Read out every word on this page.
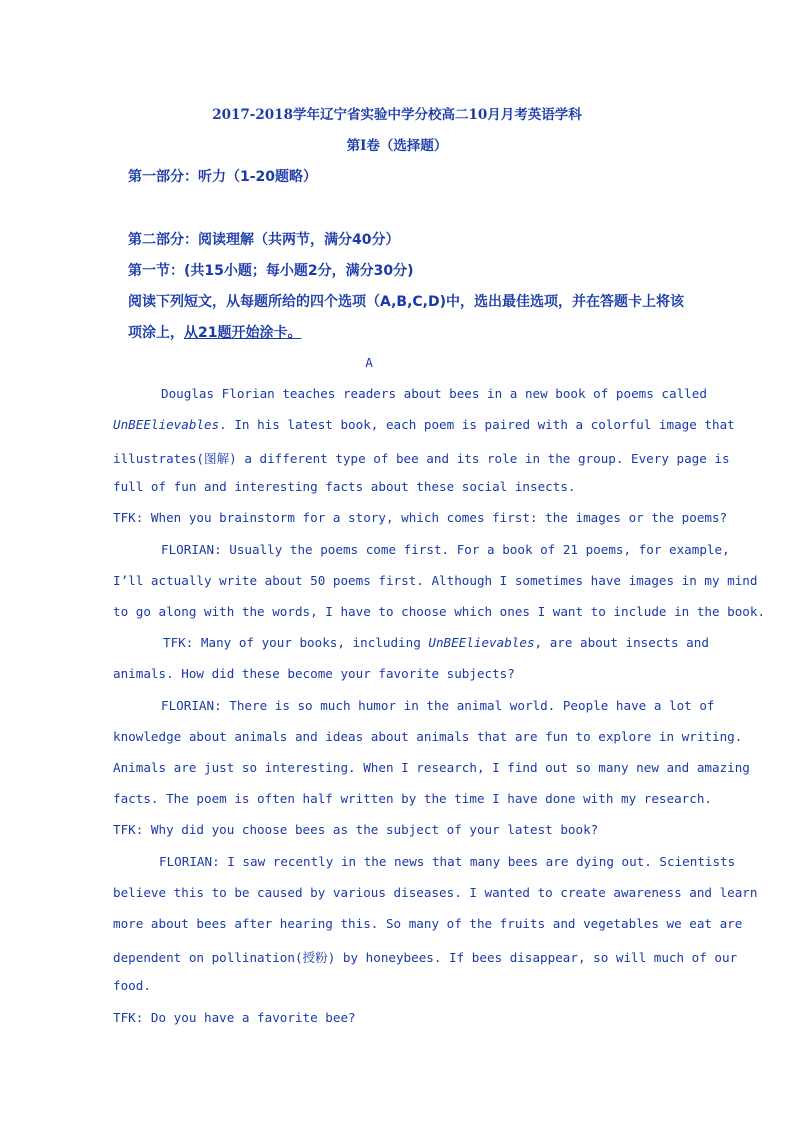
2017-2018学年辽宁省实验中学分校高二10月月考英语学科
第I卷（选择题）
第一部分：听力（1-20题略）
第二部分：阅读理解（共两节，满分40分）
第一节：(共15小题；每小题2分，满分30分)
阅读下列短文，从每题所给的四个选项（A,B,C,D)中，选出最佳选项，并在答题卡上将该
项涂上，从21题开始涂卡。
A
Douglas Florian teaches readers about bees in a new book of poems called
UnBEElievables. In his latest book, each poem is paired with a colorful image that
illustrates(图解) a different type of bee and its role in the group. Every page is
full of fun and interesting facts about these social insects.
TFK: When you brainstorm for a story, which comes first: the images or the poems?
FLORIAN: Usually the poems come first. For a book of 21 poems, for example,
I’ll actually write about 50 poems first. Although I sometimes have images in my mind
to go along with the words, I have to choose which ones I want to include in the book.
TFK: Many of your books, including UnBEElievables, are about insects and
animals. How did these become your favorite subjects?
FLORIAN: There is so much humor in the animal world. People have a lot of
knowledge about animals and ideas about animals that are fun to explore in writing.
Animals are just so interesting. When I research, I find out so many new and amazing
facts. The poem is often half written by the time I have done with my research.
TFK: Why did you choose bees as the subject of your latest book?
FLORIAN: I saw recently in the news that many bees are dying out. Scientists
believe this to be caused by various diseases. I wanted to create awareness and learn
more about bees after hearing this. So many of the fruits and vegetables we eat are
dependent on pollination(授粉) by honeybees. If bees disappear, so will much of our
food.
TFK: Do you have a favorite bee?
